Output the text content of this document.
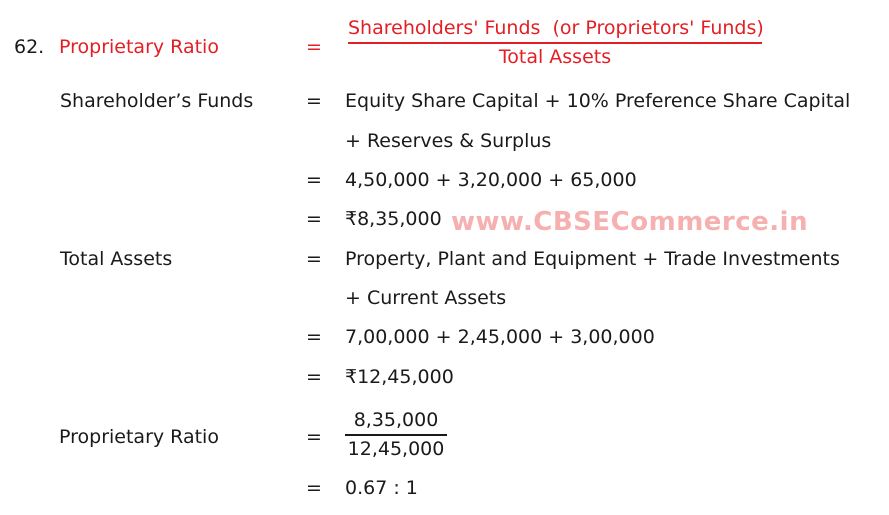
62. Proprietary Ratio	=
Shareholders' Funds  (or Proprietors' Funds)
Total Assets
Shareholder’s Funds	= Equity Share Capital + 10% Preference Share Capital
+ Reserves & Surplus
= 4,50,000 + 3,20,000 + 65,000
= ₹8,35,000 www.CBSECommerce.in
Total Assets	= Property, Plant and Equipment + Trade Investments
+ Current Assets
= 7,00,000 + 2,45,000 + 3,00,000
= ₹12,45,000
Proprietary Ratio	=
8,35,000
12,45,000
= 0.67 : 1
